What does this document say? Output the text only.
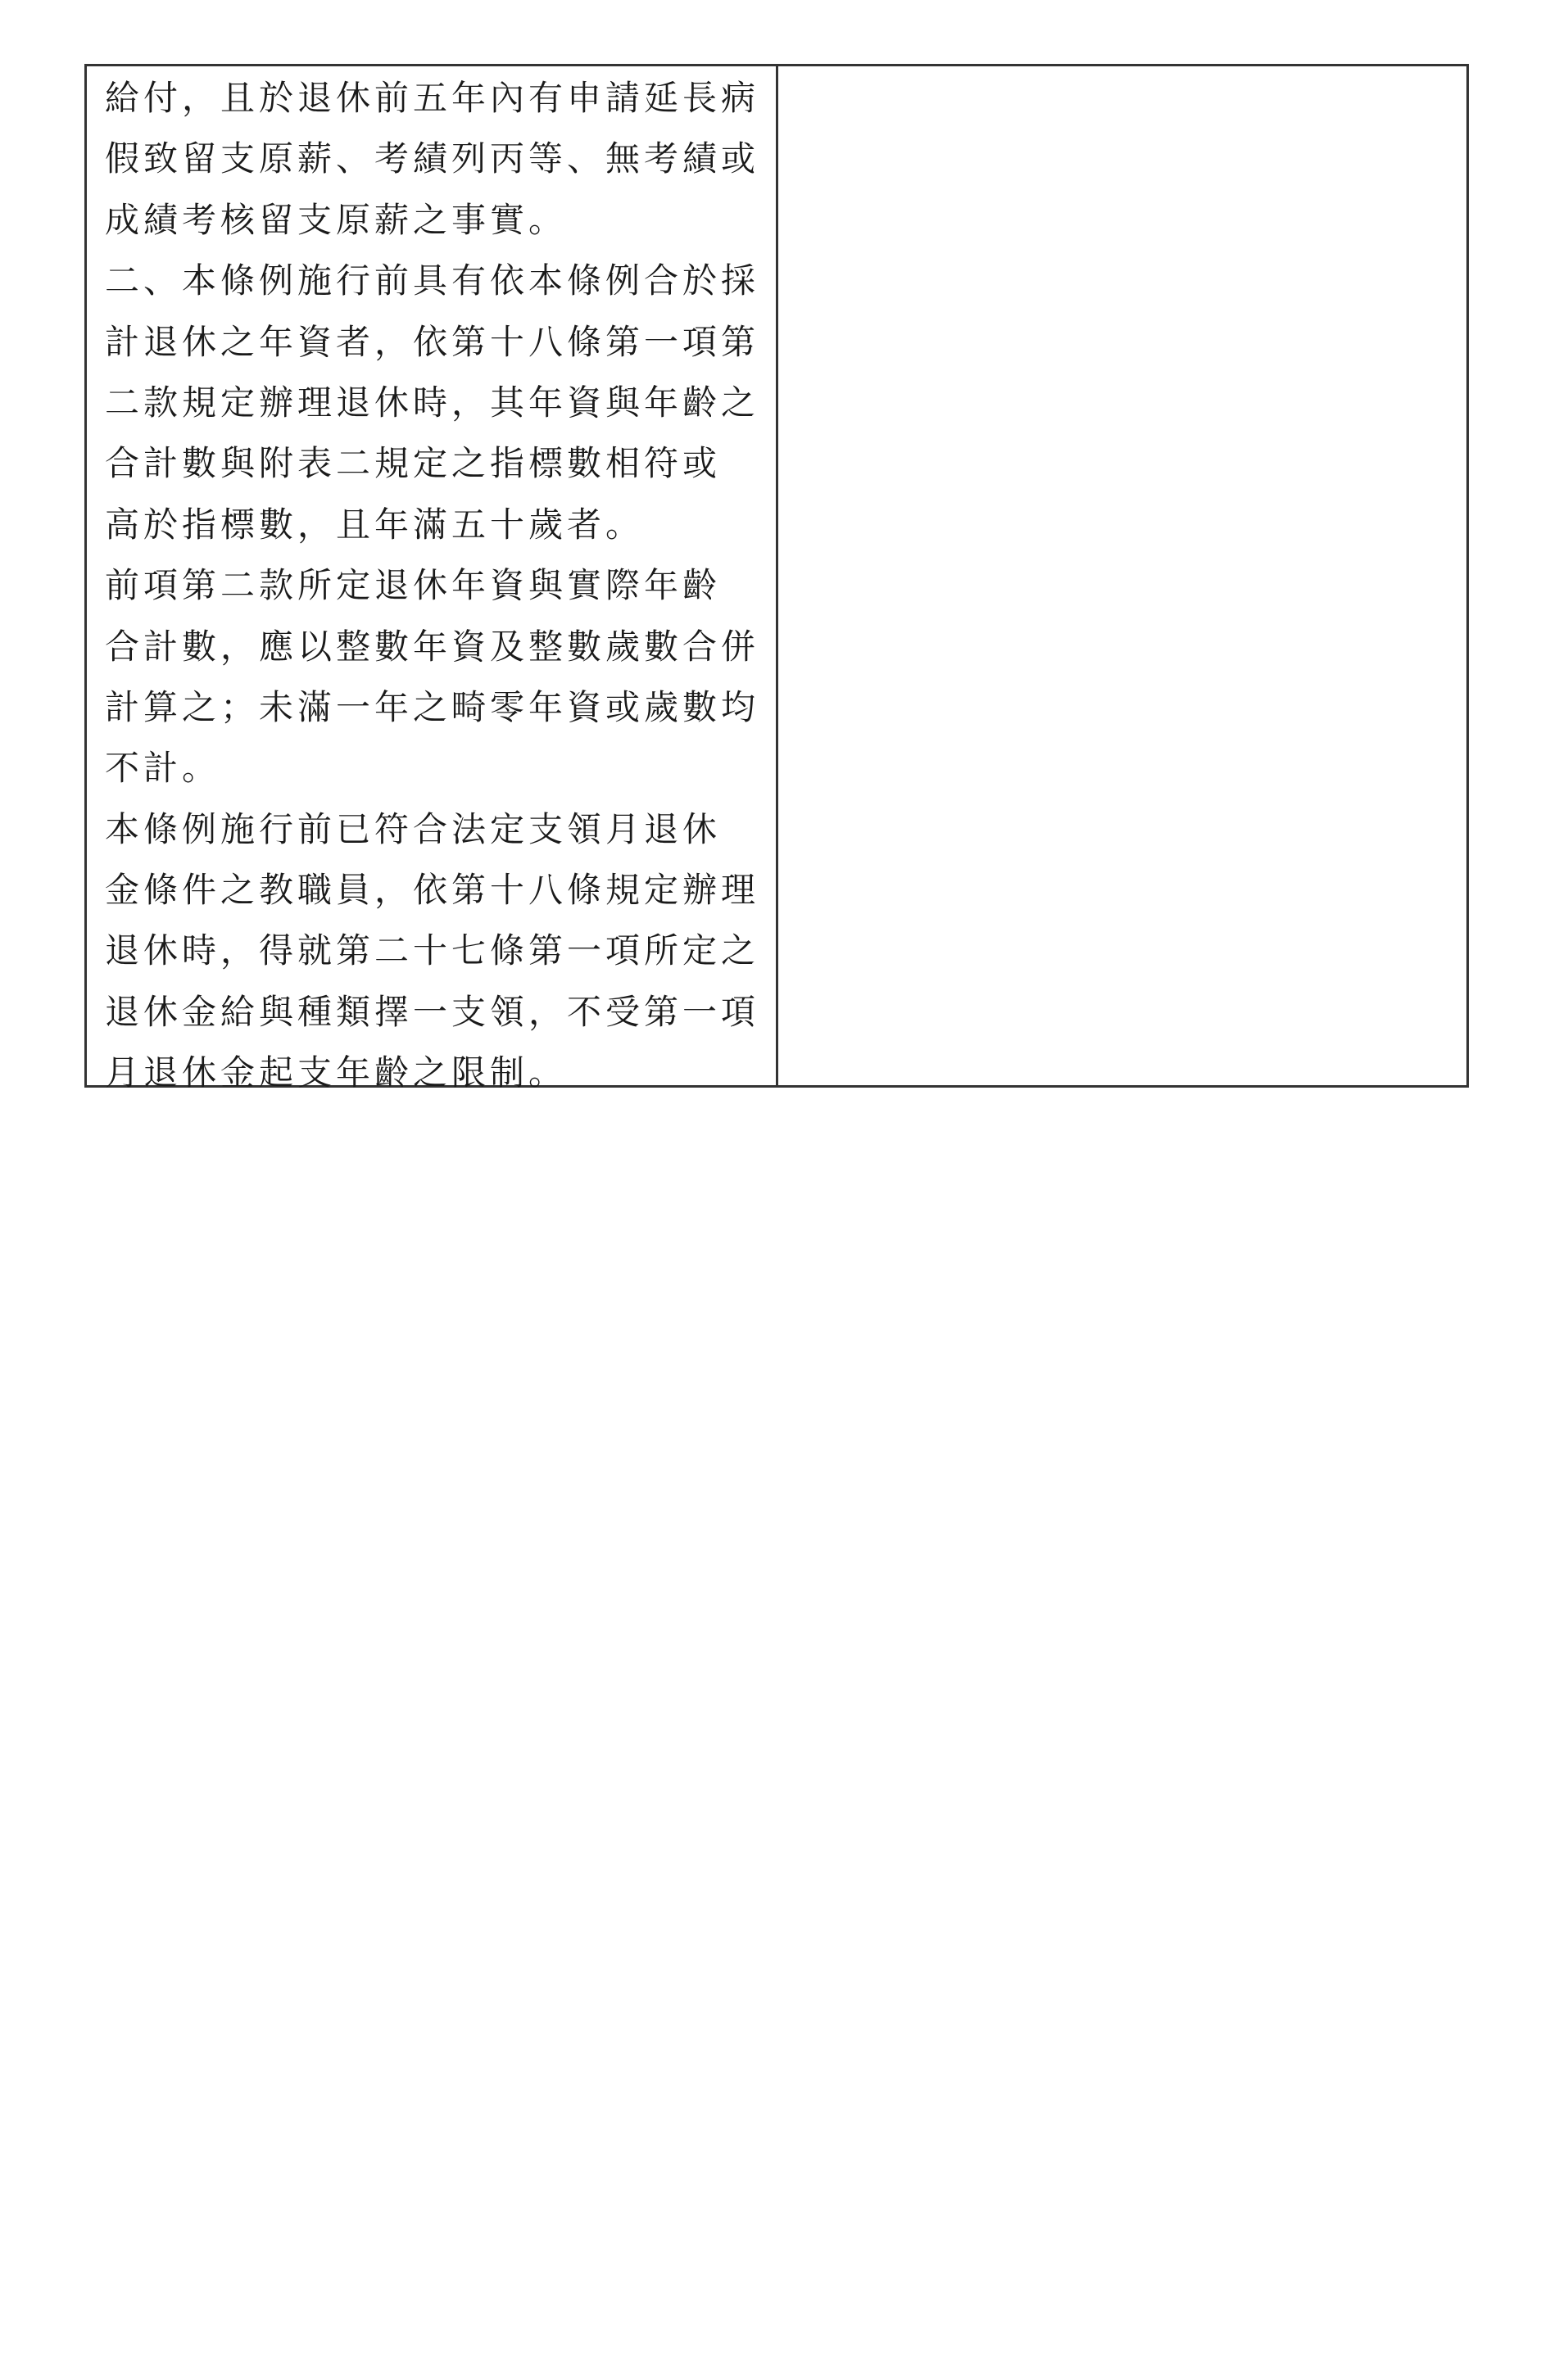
給付，且於退休前五年內有申請延長病
假致留支原薪、考績列丙等、無考績或
成績考核留支原薪之事實。
二、本條例施行前具有依本條例合於採
計退休之年資者，依第十八條第一項第
二款規定辦理退休時，其年資與年齡之
合計數與附表二規定之指標數相符或
高於指標數，且年滿五十歲者。
前項第二款所定退休年資與實際年齡
合計數，應以整數年資及整數歲數合併
計算之；未滿一年之畸零年資或歲數均
不計。
本條例施行前已符合法定支領月退休
金條件之教職員，依第十八條規定辦理
退休時，得就第二十七條第一項所定之
退休金給與種類擇一支領，不受第一項
月退休金起支年齡之限制。
